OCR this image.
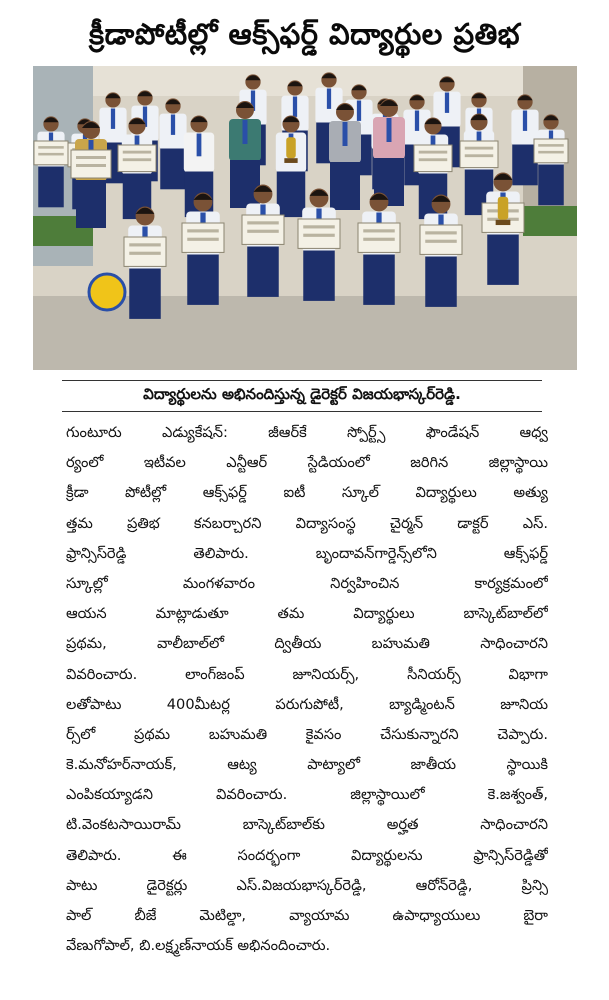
క్రీడాపోటీల్లో ఆక్స్‌ఫర్డ్ విద్యార్థుల ప్రతిభ
విద్యార్థులను అభినందిస్తున్న డైరెక్టర్ విజయభాస్కర్‌రెడ్డి.
గుంటూరు ఎడ్యుకేషన్: జీఆర్‌కే స్పోర్ట్స్ ఫౌండేషన్ ఆధ్వ
ర్యంలో ఇటీవల ఎన్టీఆర్ స్టేడియంలో జరిగిన జిల్లాస్థాయి
క్రీడా పోటీల్లో ఆక్స్‌ఫర్డ్ ఐటీ స్కూల్ విద్యార్థులు అత్యు
త్తమ ప్రతిభ కనబర్చారని విద్యాసంస్థ చైర్మన్ డాక్టర్ ఎస్.
ఫ్రాన్సిస్‌రెడ్డి తెలిపారు. బృందావన్‌గార్డెన్స్‌లోని ఆక్స్‌ఫర్డ్
స్కూల్లో మంగళవారం నిర్వహించిన కార్యక్రమంలో
ఆయన మాట్లాడుతూ తమ విద్యార్థులు బాస్కెట్‌బాల్‌లో
ప్రథమ, వాలీబాల్‌లో ద్వితీయ బహుమతి సాధించారని
వివరించారు. లాంగ్‌జంప్ జూనియర్స్, సీనియర్స్ విభాగా
లతోపాటు 400మీటర్ల పరుగుపోటీ, బ్యాడ్మింటన్ జూనియ
ర్స్‌లో ప్రథమ బహుమతి కైవసం చేసుకున్నారని చెప్పారు.
కె.మనోహర్‌నాయక్, ఆట్య పాట్యాలో జాతీయ స్థాయికి
ఎంపికయ్యాడని వివరించారు. జిల్లాస్థాయిలో కె.జశ్వంత్,
టి.వెంకటసాయిరామ్ బాస్కెట్‌బాల్‌కు అర్హత సాధించారని
తెలిపారు. ఈ సందర్భంగా విద్యార్థులను ఫ్రాన్సిస్‌రెడ్డితో
పాటు డైరెక్టర్లు ఎస్.విజయభాస్కర్‌రెడ్డి, ఆరోన్‌రెడ్డి, ప్రిన్సి
పాల్ బీజే మెటిల్డా, వ్యాయామ ఉపాధ్యాయులు బైరా
వేణుగోపాల్, బి.లక్ష్మణ్‌నాయక్ అభినందించారు.
